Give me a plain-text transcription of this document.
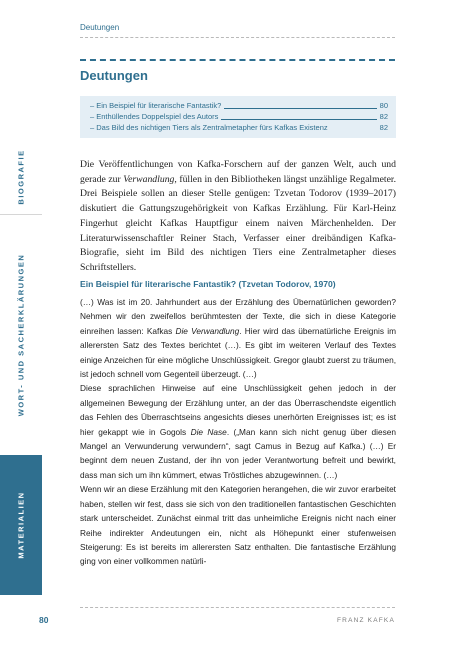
Deutungen
Deutungen
– Ein Beispiel für literarische Fantastik?	80
– Enthüllendes Doppelspiel des Autors	82
– Das Bild des nichtigen Tiers als Zentralmetapher fürs Kafkas Existenz	82
BIOGRAFIE
WORT- UND SACHERKLÄRUNGEN
MATERIALIEN

Die Veröffentlichungen von Kafka-Forschern auf der ganzen Welt, auch und gerade zur Verwandlung, füllen in den Bibliotheken längst unzählige Regalmeter. Drei Beispiele sollen an dieser Stelle genügen: Tzvetan Todorov (1939–2017) diskutiert die Gattungszugehörigkeit von Kafkas Erzählung. Für Karl-Heinz Fingerhut gleicht Kafkas Hauptfigur einem naiven Märchenhelden. Der Literaturwissenschaftler Reiner Stach, Verfasser einer dreibändigen Kafka-Biografie, sieht im Bild des nichtigen Tiers eine Zentralmetapher dieses Schriftstellers.

Ein Beispiel für literarische Fantastik? (Tzvetan Todorov, 1970)

(…) Was ist im 20. Jahrhundert aus der Erzählung des Übernatürlichen geworden? Nehmen wir den zweifellos berühmtesten der Texte, die sich in diese Kategorie einreihen lassen: Kafkas Die Verwandlung. Hier wird das übernatürliche Ereignis im allerersten Satz des Textes berichtet (…). Es gibt im weiteren Verlauf des Textes einige Anzeichen für eine mögliche Unschlüssigkeit. Gregor glaubt zuerst zu träumen, ist jedoch schnell vom Gegenteil überzeugt. (…)

Diese sprachlichen Hinweise auf eine Unschlüssigkeit gehen jedoch in der allgemeinen Bewegung der Erzählung unter, an der das Überraschendste eigentlich das Fehlen des Überraschtseins angesichts dieses unerhörten Ereignisses ist; es ist hier gekappt wie in Gogols Die Nase. („Man kann sich nicht genug über diesen Mangel an Verwunderung verwundern“, sagt Camus in Bezug auf Kafka.) (…) Er beginnt dem neuen Zustand, der ihn von jeder Verantwortung befreit und bewirkt, dass man sich um ihn kümmert, etwas Tröstliches abzugewinnen. (…)

Wenn wir an diese Erzählung mit den Kategorien herangehen, die wir zuvor erarbeitet haben, stellen wir fest, dass sie sich von den traditionellen fantastischen Geschichten stark unterscheidet. Zunächst einmal tritt das unheimliche Ereignis nicht nach einer Reihe indirekter Andeutungen ein, nicht als Höhepunkt einer stufenweisen Steigerung: Es ist bereits im allerersten Satz enthalten. Die fantastische Erzählung ging von einer vollkommen natürli-

80	FRANZ KAFKA
